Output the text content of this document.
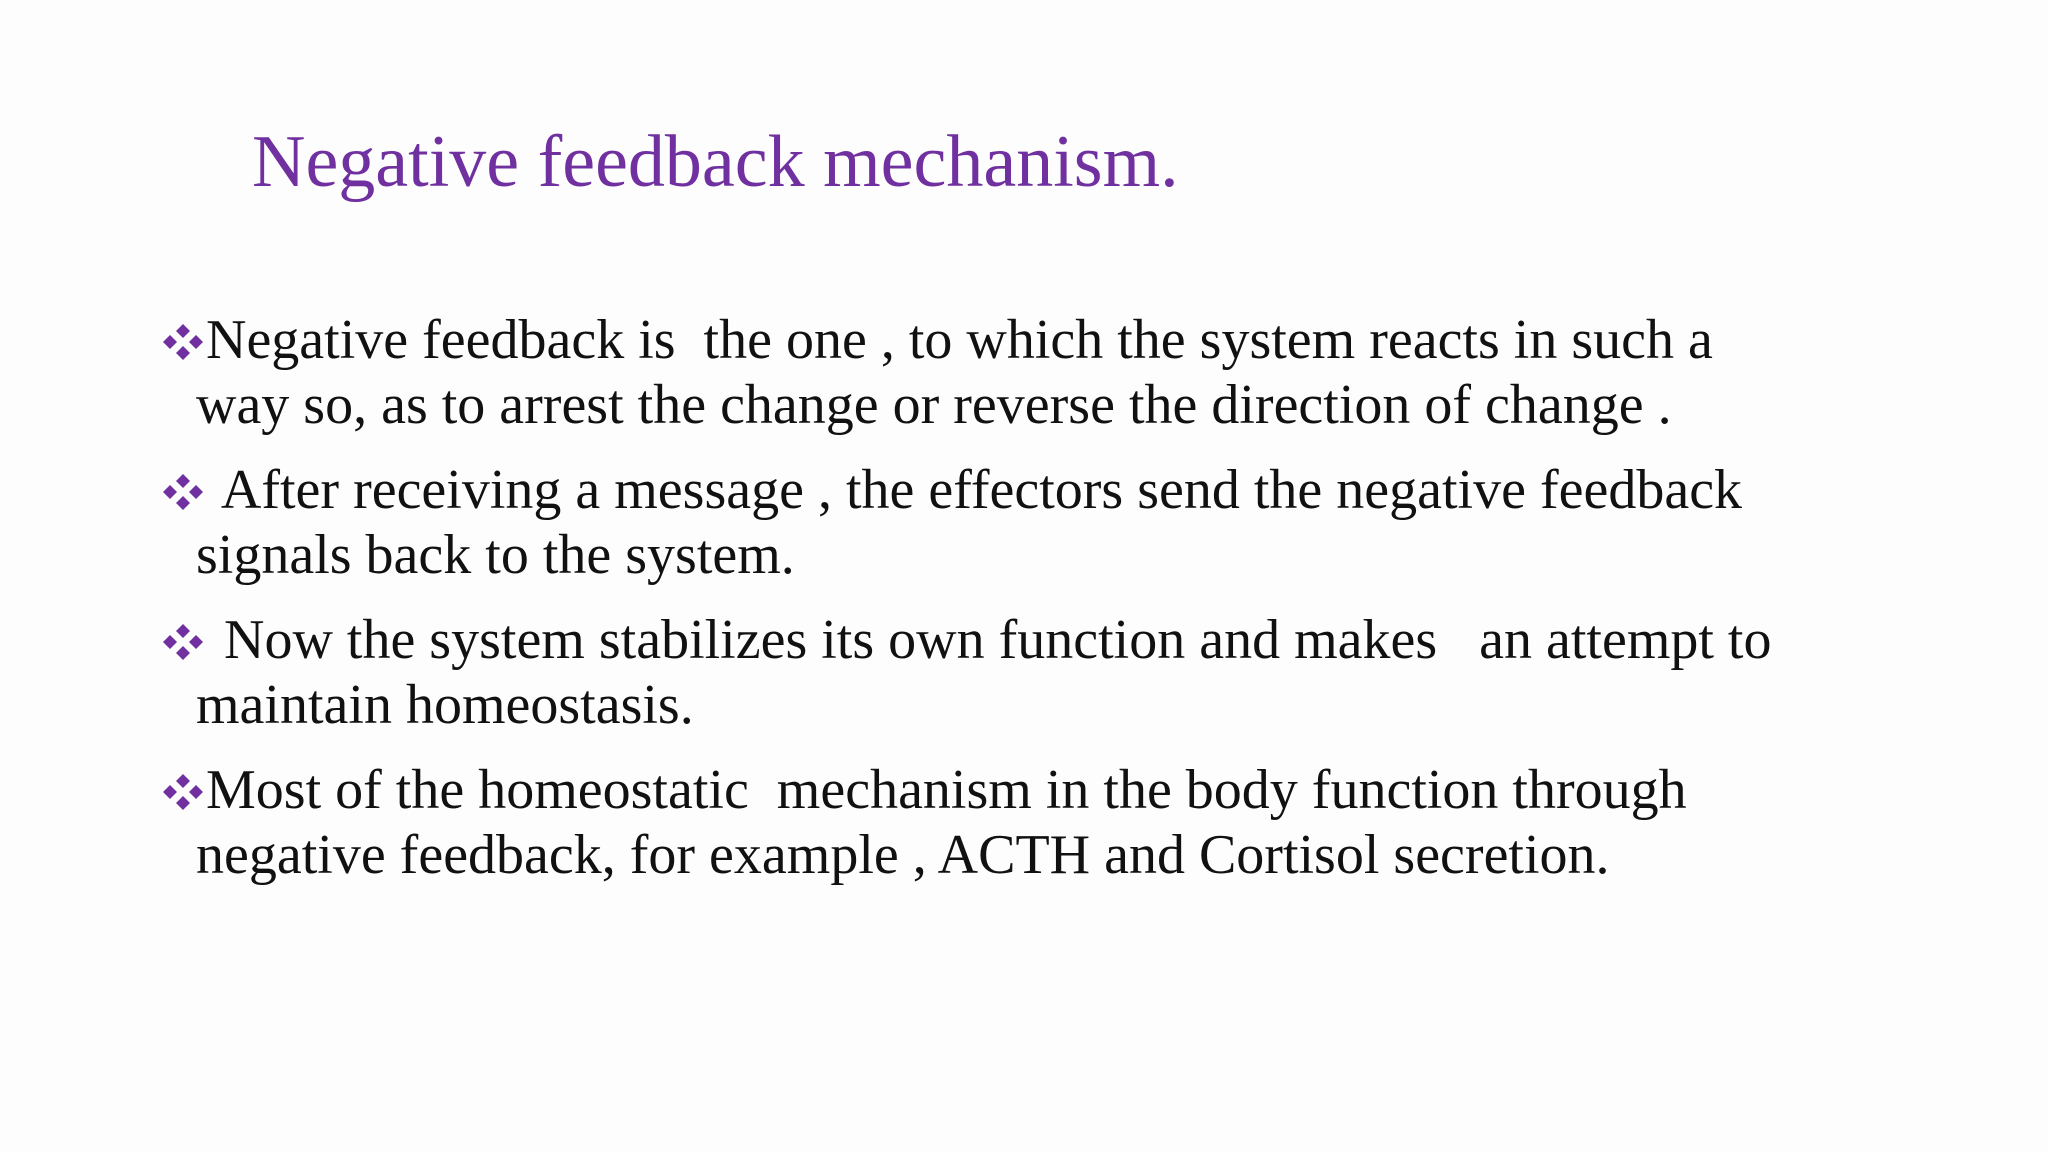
Negative feedback mechanism.
Negative feedback is  the one , to which the system reacts in such a
way so, as to arrest the change or reverse the direction of change .
After receiving a message , the effectors send the negative feedback
signals back to the system.
Now the system stabilizes its own function and makes   an attempt to
maintain homeostasis.
Most of the homeostatic  mechanism in the body function through
negative feedback, for example , ACTH and Cortisol secretion.
